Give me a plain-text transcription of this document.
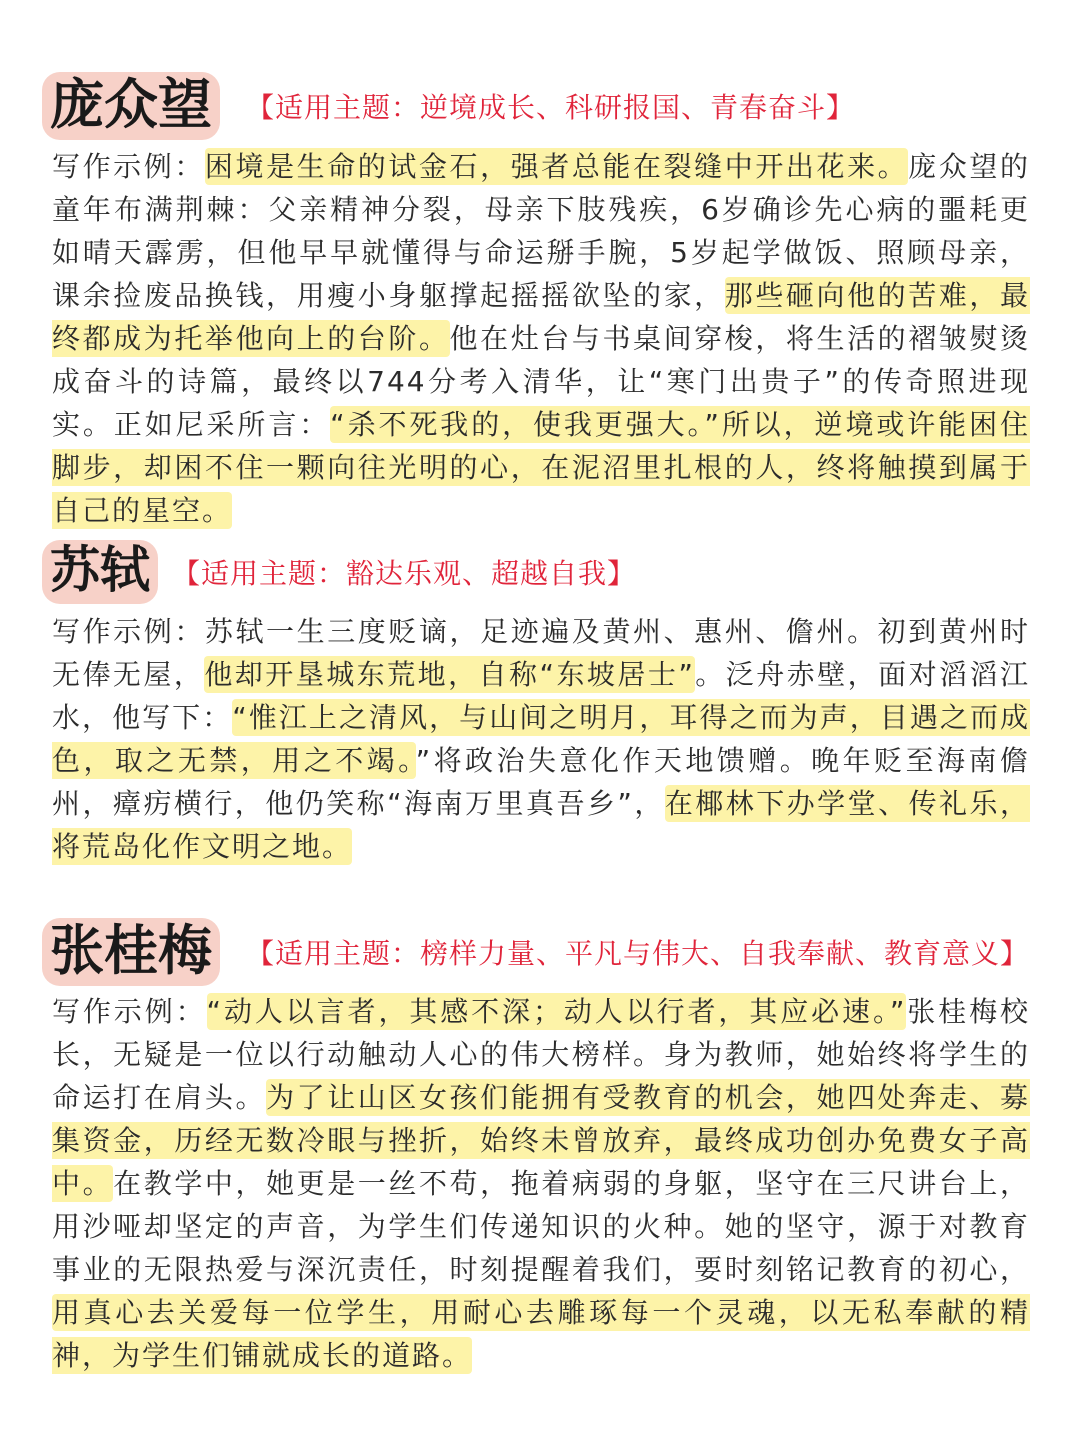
庞众望 【适用主题：逆境成长、科研报国、青春奋斗】

写作示例：困境是生命的试金石，强者总能在裂缝中开出花来。庞众望的童年布满荆棘：父亲精神分裂，母亲下肢残疾，6岁确诊先心病的噩耗更如晴天霹雳，但他早早就懂得与命运掰手腕，5岁起学做饭、照顾母亲，课余捡废品换钱，用瘦小身躯撑起摇摇欲坠的家，那些砸向他的苦难，最终都成为托举他向上的台阶。他在灶台与书桌间穿梭，将生活的褶皱熨烫成奋斗的诗篇，最终以744分考入清华，让“寒门出贵子”的传奇照进现实。正如尼采所言：“杀不死我的，使我更强大。”所以，逆境或许能困住脚步，却困不住一颗向往光明的心，在泥沼里扎根的人，终将触摸到属于自己的星空。

苏轼 【适用主题：豁达乐观、超越自我】

写作示例：苏轼一生三度贬谪，足迹遍及黄州、惠州、儋州。初到黄州时无俸无屋，他却开垦城东荒地，自称“东坡居士”。泛舟赤壁，面对滔滔江水，他写下：“惟江上之清风，与山间之明月，耳得之而为声，目遇之而成色，取之无禁，用之不竭。”将政治失意化作天地馈赠。晚年贬至海南儋州，瘴疠横行，他仍笑称“海南万里真吾乡”，在椰林下办学堂、传礼乐，将荒岛化作文明之地。

张桂梅 【适用主题：榜样力量、平凡与伟大、自我奉献、教育意义】

写作示例：“动人以言者，其感不深；动人以行者，其应必速。”张桂梅校长，无疑是一位以行动触动人心的伟大榜样。身为教师，她始终将学生的命运打在肩头。为了让山区女孩们能拥有受教育的机会，她四处奔走、募集资金，历经无数冷眼与挫折，始终未曾放弃，最终成功创办免费女子高中。在教学中，她更是一丝不苟，拖着病弱的身躯，坚守在三尺讲台上，用沙哑却坚定的声音，为学生们传递知识的火种。她的坚守，源于对教育事业的无限热爱与深沉责任，时刻提醒着我们，要时刻铭记教育的初心，用真心去关爱每一位学生，用耐心去雕琢每一个灵魂，以无私奉献的精神，为学生们铺就成长的道路。
